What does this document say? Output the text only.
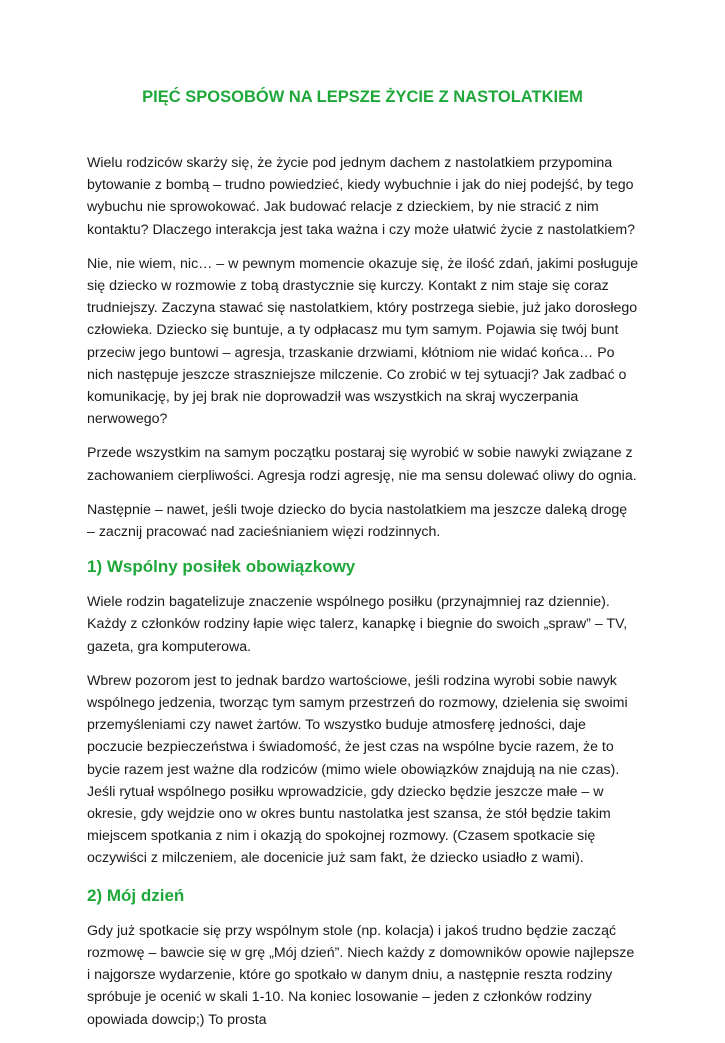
PIĘĆ SPOSOBÓW NA LEPSZE ŻYCIE Z NASTOLATKIEM

Wielu rodziców skarży się, że życie pod jednym dachem z nastolatkiem przypomina bytowanie z bombą – trudno powiedzieć, kiedy wybuchnie i jak do niej podejść, by tego wybuchu nie sprowokować. Jak budować relacje z dzieckiem, by nie stracić z nim kontaktu? Dlaczego interakcja jest taka ważna i czy może ułatwić życie z nastolatkiem?

Nie, nie wiem, nic… – w pewnym momencie okazuje się, że ilość zdań, jakimi posługuje się dziecko w rozmowie z tobą drastycznie się kurczy. Kontakt z nim staje się coraz trudniejszy. Zaczyna stawać się nastolatkiem, który postrzega siebie, już jako dorosłego człowieka. Dziecko się buntuje, a ty odpłacasz mu tym samym. Pojawia się twój bunt przeciw jego buntowi – agresja, trzaskanie drzwiami, kłótniom nie widać końca… Po nich następuje jeszcze straszniejsze milczenie. Co zrobić w tej sytuacji? Jak zadbać o komunikację, by jej brak nie doprowadził was wszystkich na skraj wyczerpania nerwowego?

Przede wszystkim na samym początku postaraj się wyrobić w sobie nawyki związane z zachowaniem cierpliwości. Agresja rodzi agresję, nie ma sensu dolewać oliwy do ognia.

Następnie – nawet, jeśli twoje dziecko do bycia nastolatkiem ma jeszcze daleką drogę – zacznij pracować nad zacieśnianiem więzi rodzinnych.

1) Wspólny posiłek obowiązkowy

Wiele rodzin bagatelizuje znaczenie wspólnego posiłku (przynajmniej raz dziennie). Każdy z członków rodziny łapie więc talerz, kanapkę i biegnie do swoich „spraw” – TV, gazeta, gra komputerowa.

Wbrew pozorom jest to jednak bardzo wartościowe, jeśli rodzina wyrobi sobie nawyk wspólnego jedzenia, tworząc tym samym przestrzeń do rozmowy, dzielenia się swoimi przemyśleniami czy nawet żartów. To wszystko buduje atmosferę jedności, daje poczucie bezpieczeństwa i świadomość, że jest czas na wspólne bycie razem, że to bycie razem jest ważne dla rodziców (mimo wiele obowiązków znajdują na nie czas). Jeśli rytuał wspólnego posiłku wprowadzicie, gdy dziecko będzie jeszcze małe – w okresie, gdy wejdzie ono w okres buntu nastolatka jest szansa, że stół będzie takim miejscem spotkania z nim i okazją do spokojnej rozmowy. (Czasem spotkacie się oczywiści z milczeniem, ale docenicie już sam fakt, że dziecko usiadło z wami).

2) Mój dzień

Gdy już spotkacie się przy wspólnym stole (np. kolacja) i jakoś trudno będzie zacząć rozmowę – bawcie się w grę „Mój dzień”. Niech każdy z domowników opowie najlepsze i najgorsze wydarzenie, które go spotkało w danym dniu, a następnie reszta rodziny spróbuje je ocenić w skali 1-10. Na koniec losowanie – jeden z członków rodziny opowiada dowcip;) To prosta
